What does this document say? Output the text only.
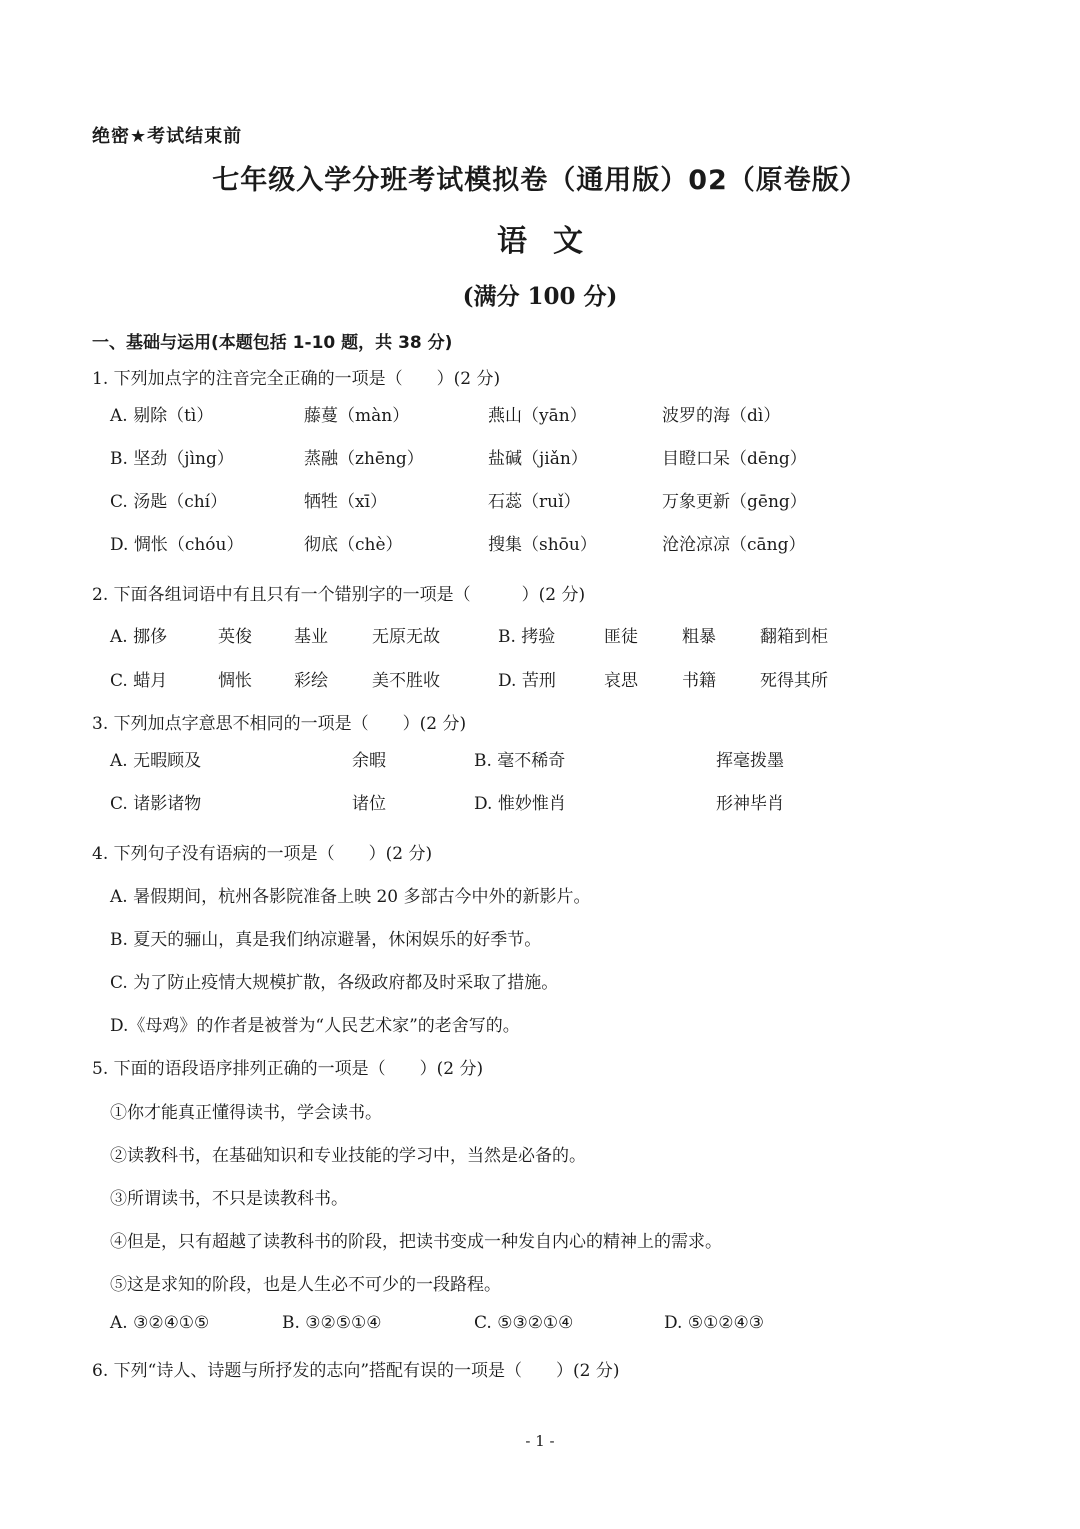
绝密★考试结束前
七年级入学分班考试模拟卷（通用版）02（原卷版）
语文
(满分 100 分)
一、基础与运用(本题包括 1-10 题，共 38 分)
1. 下列加点字的注音完全正确的一项是（　　）(2 分)
A. 剔除（tì）	藤蔓（màn）	燕山（yān）	波罗的海（dì）
B. 坚劲（jìng）	蒸融（zhēng）	盐碱（jiǎn）	目瞪口呆（dēng）
C. 汤匙（chí）	牺牲（xī）	石蕊（ruǐ）	万象更新（gēng）
D. 惆怅（chóu）	彻底（chè）	搜集（shōu）	沧沧凉凉（cāng）
2. 下面各组词语中有且只有一个错别字的一项是（　　　）(2 分)
A. 挪侈	英俊 基业	无原无故	B. 拷验	匪徒	粗暴	翻箱到柜
C. 蜡月	惆怅 彩绘	美不胜收	D. 苦刑	哀思	书籍	死得其所
3. 下列加点字意思不相同的一项是（　　）(2 分)
A. 无暇顾及	余暇	B. 毫不稀奇	挥毫拨墨
C. 诸影诸物	诸位	D. 惟妙惟肖	形神毕肖
4. 下列句子没有语病的一项是（　　）(2 分)
A. 暑假期间，杭州各影院准备上映 20 多部古今中外的新影片。
B. 夏天的骊山，真是我们纳凉避暑，休闲娱乐的好季节。
C. 为了防止疫情大规模扩散，各级政府都及时采取了措施。
D.《母鸡》的作者是被誉为“人民艺术家”的老舍写的。
5. 下面的语段语序排列正确的一项是（　　）(2 分)
①你才能真正懂得读书，学会读书。
②读教科书，在基础知识和专业技能的学习中，当然是必备的。
③所谓读书，不只是读教科书。
④但是，只有超越了读教科书的阶段，把读书变成一种发自内心的精神上的需求。
⑤这是求知的阶段，也是人生必不可少的一段路程。
A. ③②④①⑤	B. ③②⑤①④	C. ⑤③②①④	D. ⑤①②④③
6. 下列“诗人、诗题与所抒发的志向”搭配有误的一项是（　　）(2 分)
- 1 -
